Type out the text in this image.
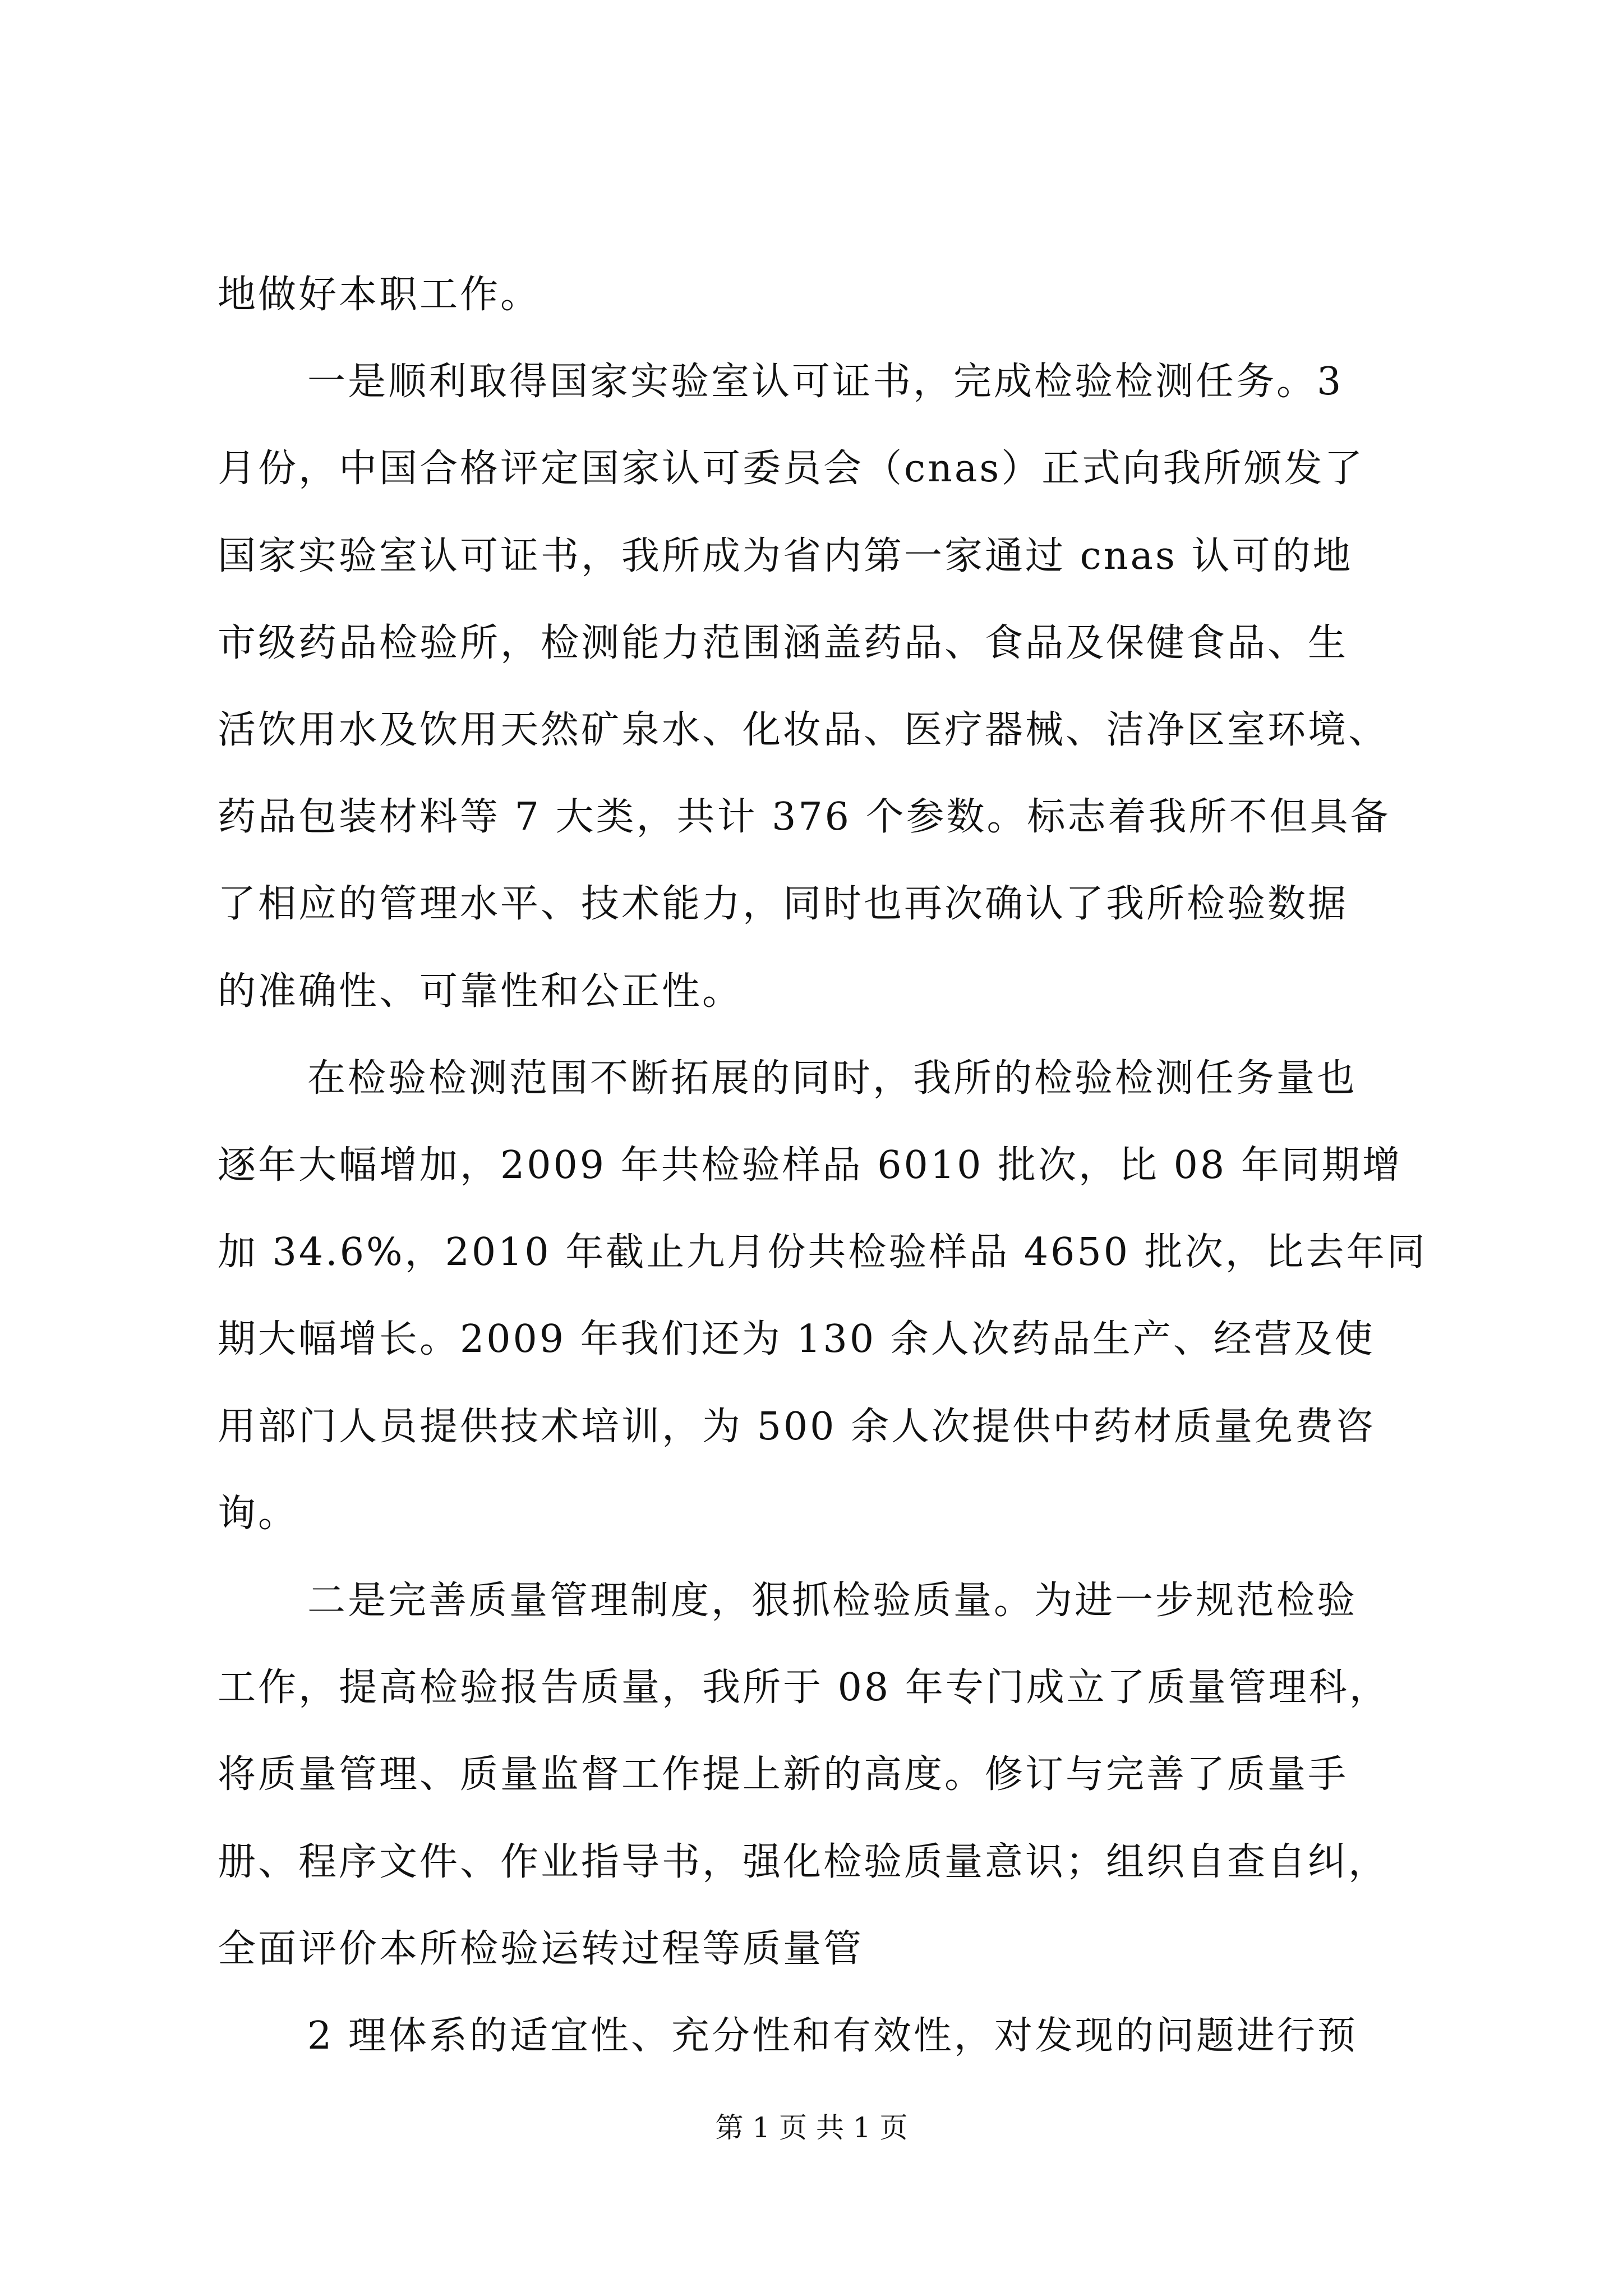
地做好本职工作。
一是顺利取得国家实验室认可证书，完成检验检测任务。3
月份，中国合格评定国家认可委员会（cnas）正式向我所颁发了
国家实验室认可证书，我所成为省内第一家通过 cnas 认可的地
市级药品检验所，检测能力范围涵盖药品、食品及保健食品、生
活饮用水及饮用天然矿泉水、化妆品、医疗器械、洁净区室环境、
药品包装材料等 7 大类，共计 376 个参数。标志着我所不但具备
了相应的管理水平、技术能力，同时也再次确认了我所检验数据
的准确性、可靠性和公正性。
在检验检测范围不断拓展的同时，我所的检验检测任务量也
逐年大幅增加，2009 年共检验样品 6010 批次，比 08 年同期增
加 34.6%，2010 年截止九月份共检验样品 4650 批次，比去年同
期大幅增长。2009 年我们还为 130 余人次药品生产、经营及使
用部门人员提供技术培训，为 500 余人次提供中药材质量免费咨
询。
二是完善质量管理制度，狠抓检验质量。为进一步规范检验
工作，提高检验报告质量，我所于 08 年专门成立了质量管理科，
将质量管理、质量监督工作提上新的高度。修订与完善了质量手
册、程序文件、作业指导书，强化检验质量意识；组织自查自纠，
全面评价本所检验运转过程等质量管
2 理体系的适宜性、充分性和有效性，对发现的问题进行预
第 1 页 共 1 页
